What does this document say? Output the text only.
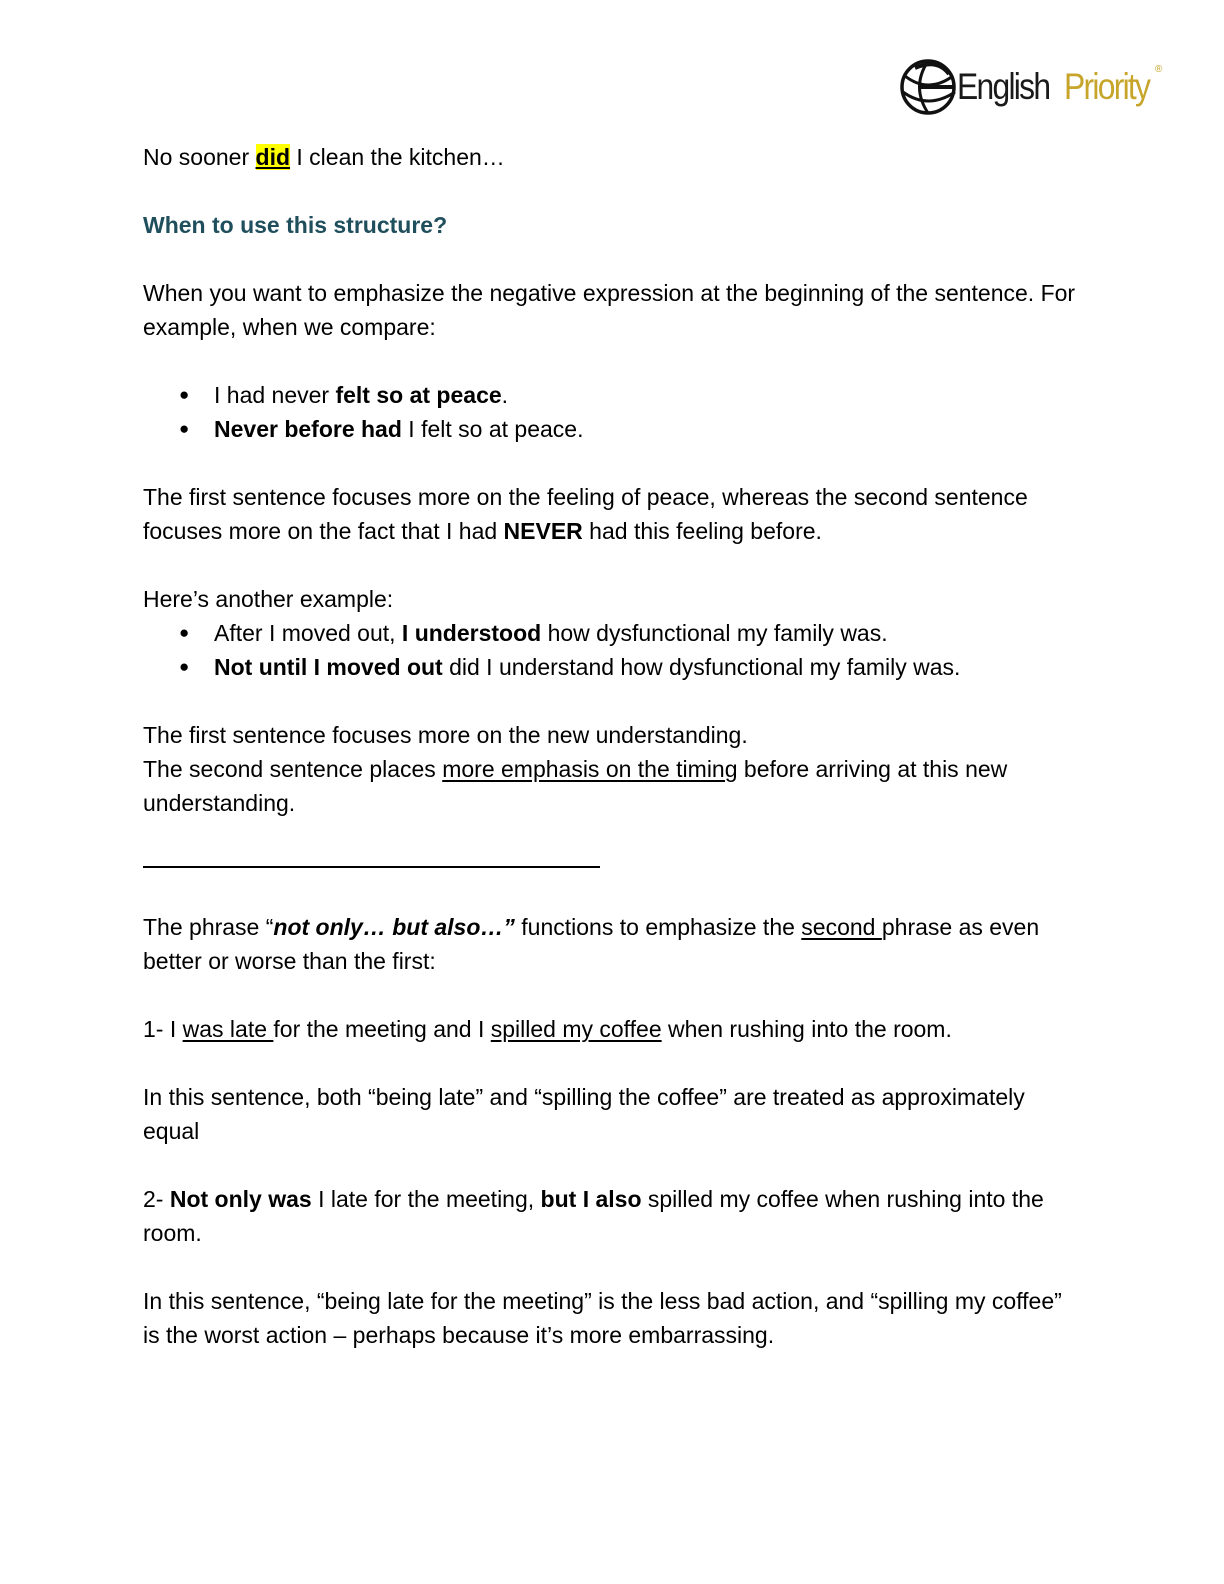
English Priority ®

No sooner did I clean the kitchen…

When to use this structure?

When you want to emphasize the negative expression at the beginning of the sentence. For example, when we compare:

● I had never felt so at peace.
● Never before had I felt so at peace.

The first sentence focuses more on the feeling of peace, whereas the second sentence focuses more on the fact that I had NEVER had this feeling before.

Here’s another example:

● After I moved out, I understood how dysfunctional my family was.
● Not until I moved out did I understand how dysfunctional my family was.

The first sentence focuses more on the new understanding.

The second sentence places more emphasis on the timing before arriving at this new understanding.

The phrase “not only… but also…” functions to emphasize the second phrase as even better or worse than the first:

1- I was late for the meeting and I spilled my coffee when rushing into the room.

In this sentence, both “being late” and “spilling the coffee” are treated as approximately equal

2- Not only was I late for the meeting, but I also spilled my coffee when rushing into the room.

In this sentence, “being late for the meeting” is the less bad action, and “spilling my coffee” is the worst action – perhaps because it’s more embarrassing.
